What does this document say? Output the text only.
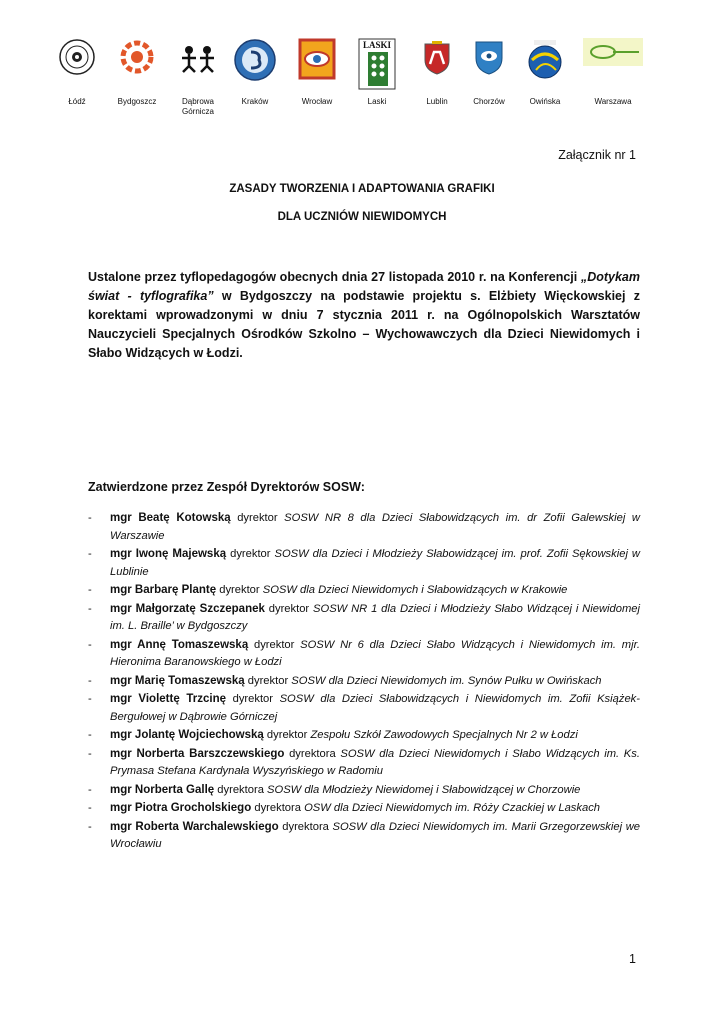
Łódź	Bydgoszcz	Dąbrowa
Górnicza
Kraków	Wrocław
LASKI
Laski	Lublin	Chorzów	Owińska	Warszawa
Załącznik nr 1
ZASADY TWORZENIA I ADAPTOWANIA GRAFIKI
DLA UCZNIÓW NIEWIDOMYCH

Ustalone przez tyflopedagogów obecnych dnia 27 listopada 2010 r. na Konferencji „Dotykam świat - tyflografika” w Bydgoszczy na podstawie projektu s. Elżbiety Więckowskiej z korektami wprowadzonymi w dniu 7 stycznia 2011 r. na Ogólnopolskich Warsztatów Nauczycieli Specjalnych Ośrodków Szkolno – Wychowawczych dla Dzieci Niewidomych i Słabo Widzących w Łodzi.

Zatwierdzone przez Zespół Dyrektorów SOSW:
- mgr Beatę Kotowską dyrektor SOSW NR 8 dla Dzieci Słabowidzących im. dr Zofii Galewskiej w Warszawie
- mgr Iwonę Majewską dyrektor SOSW dla Dzieci i Młodzieży Słabowidzącej im. prof. Zofii Sękowskiej w Lublinie
- mgr Barbarę Plantę dyrektor SOSW dla Dzieci Niewidomych i Słabowidzących w Krakowie
- mgr Małgorzatę Szczepanek dyrektor SOSW NR 1 dla Dzieci i Młodzieży Słabo Widzącej i Niewidomej im. L. Braille’ w Bydgoszczy
- mgr Annę Tomaszewską dyrektor SOSW Nr 6 dla Dzieci Słabo Widzących i Niewidomych im. mjr. Hieronima Baranowskiego w Łodzi
- mgr Marię Tomaszewską dyrektor SOSW dla Dzieci Niewidomych im. Synów Pułku w Owińskach
- mgr Violettę Trzcinę dyrektor SOSW dla Dzieci Słabowidzących i Niewidomych im. Zofii Książek-Bergułowej w Dąbrowie Górniczej
- mgr Jolantę Wojciechowską dyrektor Zespołu Szkół Zawodowych Specjalnych Nr 2 w Łodzi
- mgr Norberta Barszczewskiego dyrektora SOSW dla Dzieci Niewidomych i Słabo Widzących im. Ks. Prymasa Stefana Kardynała Wyszyńskiego w Radomiu
- mgr Norberta Gallę dyrektora SOSW dla Młodzieży Niewidomej i Słabowidzącej w Chorzowie
- mgr Piotra Grocholskiego dyrektora OSW dla Dzieci Niewidomych im. Róży Czackiej w Laskach
- mgr Roberta Warchalewskiego dyrektora SOSW dla Dzieci Niewidomych im. Marii Grzegorzewskiej we Wrocławiu
1
